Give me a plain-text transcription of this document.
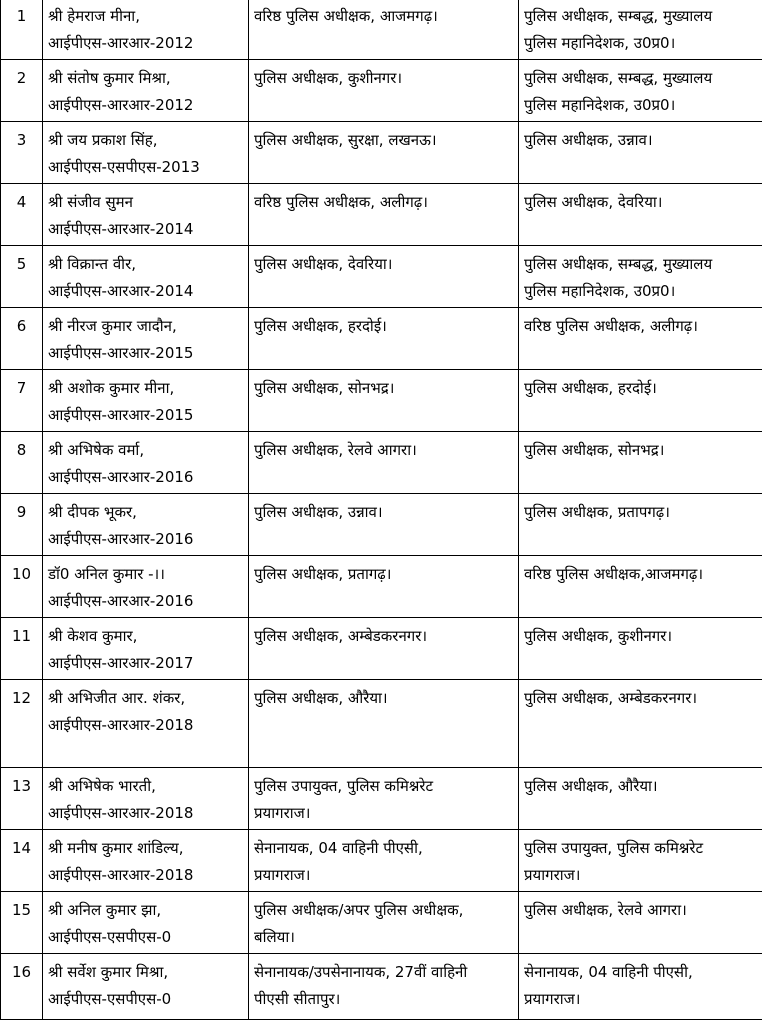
1	श्री हेमराज मीना,
आईपीएस-आरआर-2012	वरिष्ठ पुलिस अधीक्षक, आजमगढ़।	पुलिस अधीक्षक, सम्बद्ध, मुख्यालय
पुलिस महानिदेशक, उ0प्र0।

2	श्री संतोष कुमार मिश्रा,
आईपीएस-आरआर-2012	पुलिस अधीक्षक, कुशीनगर।	पुलिस अधीक्षक, सम्बद्ध, मुख्यालय
पुलिस महानिदेशक, उ0प्र0।

3	श्री जय प्रकाश सिंह,
आईपीएस-एसपीएस-2013	पुलिस अधीक्षक, सुरक्षा, लखनऊ।	पुलिस अधीक्षक, उन्नाव।

4	श्री संजीव सुमन
आईपीएस-आरआर-2014	वरिष्ठ पुलिस अधीक्षक, अलीगढ़।	पुलिस अधीक्षक, देवरिया।

5	श्री विक्रान्त वीर,
आईपीएस-आरआर-2014	पुलिस अधीक्षक, देवरिया।	पुलिस अधीक्षक, सम्बद्ध, मुख्यालय
पुलिस महानिदेशक, उ0प्र0।

6	श्री नीरज कुमार जादौन,
आईपीएस-आरआर-2015	पुलिस अधीक्षक, हरदोई।	वरिष्ठ पुलिस अधीक्षक, अलीगढ़।

7	श्री अशोक कुमार मीना,
आईपीएस-आरआर-2015	पुलिस अधीक्षक, सोनभद्र।	पुलिस अधीक्षक, हरदोई।

8	श्री अभिषेक वर्मा,
आईपीएस-आरआर-2016	पुलिस अधीक्षक, रेलवे आगरा।	पुलिस अधीक्षक, सोनभद्र।

9	श्री दीपक भूकर,
आईपीएस-आरआर-2016	पुलिस अधीक्षक, उन्नाव।	पुलिस अधीक्षक, प्रतापगढ़।

10	डॉ0 अनिल कुमार -।।
आईपीएस-आरआर-2016	पुलिस अधीक्षक, प्रतागढ़।	वरिष्ठ पुलिस अधीक्षक,आजमगढ़।

11	श्री केशव कुमार,
आईपीएस-आरआर-2017	पुलिस अधीक्षक, अम्बेडकरनगर।	पुलिस अधीक्षक, कुशीनगर।

12	श्री अभिजीत आर. शंकर,
आईपीएस-आरआर-2018	पुलिस अधीक्षक, औरैया।	पुलिस अधीक्षक, अम्बेडकरनगर।

13	श्री अभिषेक भारती,
आईपीएस-आरआर-2018	पुलिस उपायुक्त, पुलिस कमिश्नरेट
प्रयागराज।	पुलिस अधीक्षक, औरैया।

14	श्री मनीष कुमार शांडिल्य,
आईपीएस-आरआर-2018	सेनानायक, 04 वाहिनी पीएसी,
प्रयागराज।	पुलिस उपायुक्त, पुलिस कमिश्नरेट
प्रयागराज।

15	श्री अनिल कुमार झा,
आईपीएस-एसपीएस-0	पुलिस अधीक्षक/अपर पुलिस अधीक्षक,
बलिया।	पुलिस अधीक्षक, रेलवे आगरा।

16	श्री सर्वेश कुमार मिश्रा,
आईपीएस-एसपीएस-0	सेनानायक/उपसेनानायक, 27वीं वाहिनी
पीएसी सीतापुर।	सेनानायक, 04 वाहिनी पीएसी,
प्रयागराज।
